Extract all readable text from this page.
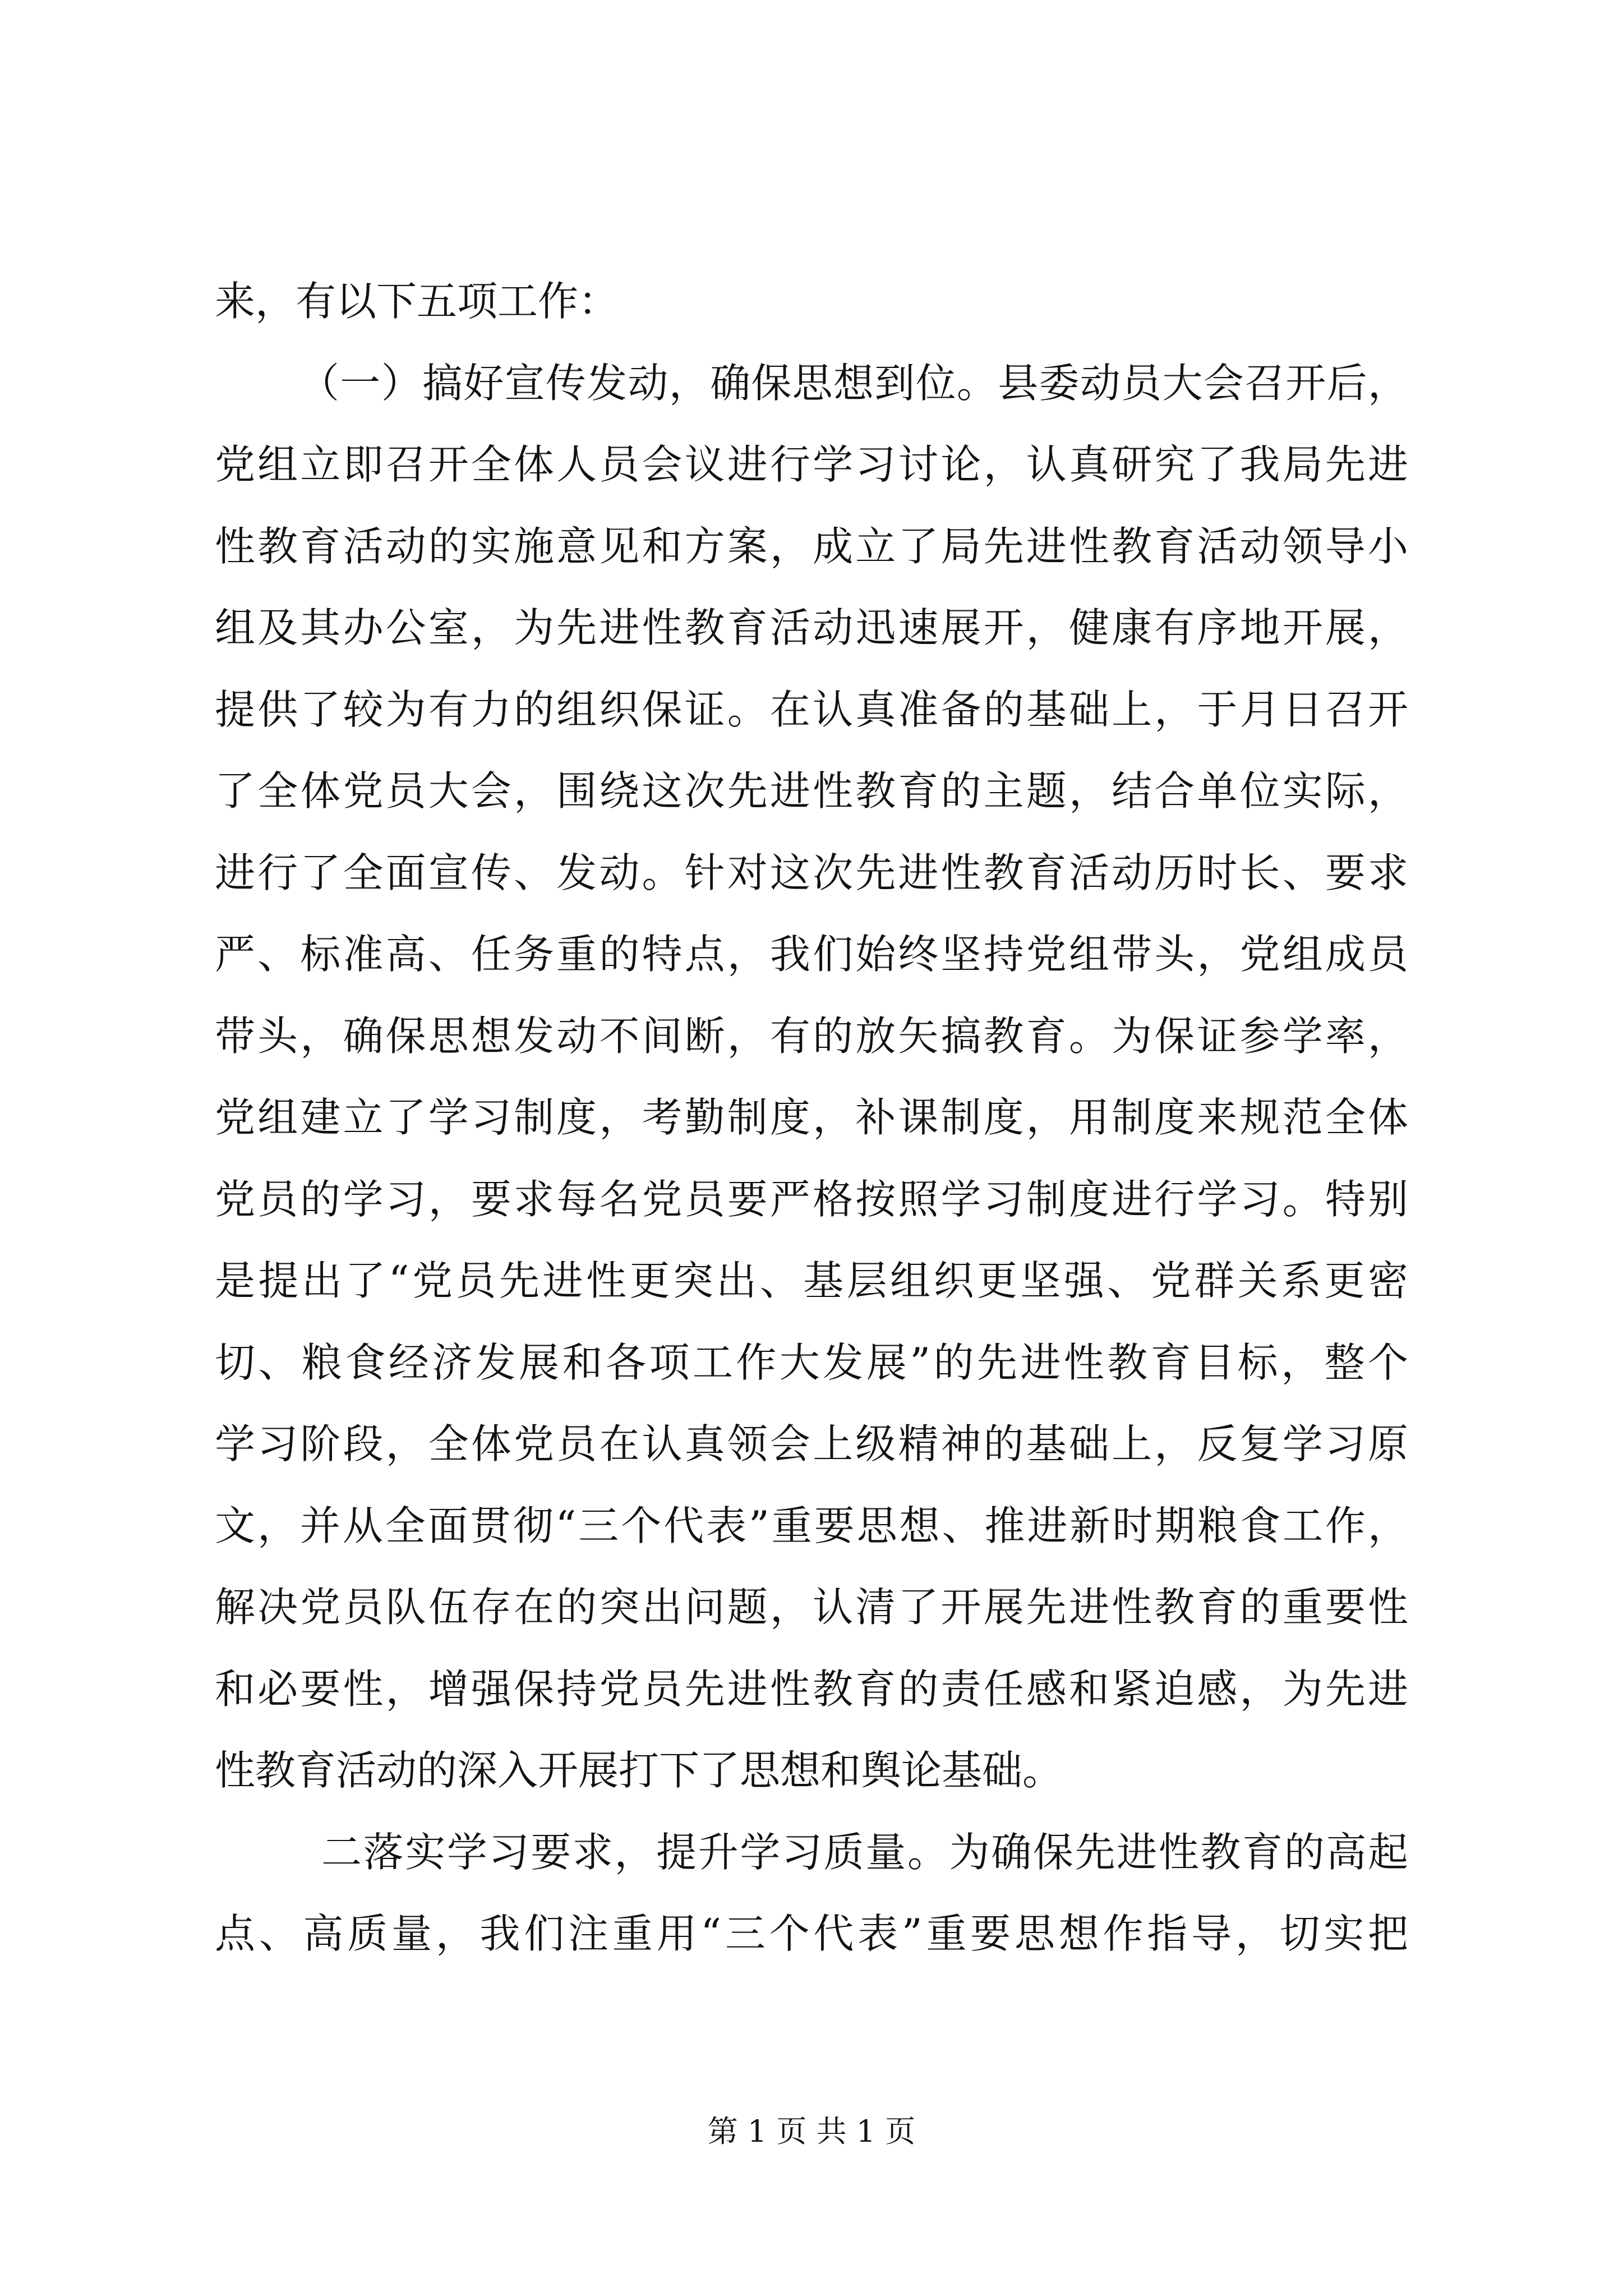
来，有以下五项工作：
（一）搞好宣传发动，确保思想到位。县委动员大会召开后，
党组立即召开全体人员会议进行学习讨论，认真研究了我局先进
性教育活动的实施意见和方案，成立了局先进性教育活动领导小
组及其办公室，为先进性教育活动迅速展开，健康有序地开展，
提供了较为有力的组织保证。在认真准备的基础上，于月日召开
了全体党员大会，围绕这次先进性教育的主题，结合单位实际，
进行了全面宣传、发动。针对这次先进性教育活动历时长、要求
严、标准高、任务重的特点，我们始终坚持党组带头，党组成员
带头，确保思想发动不间断，有的放矢搞教育。为保证参学率，
党组建立了学习制度，考勤制度，补课制度，用制度来规范全体
党员的学习，要求每名党员要严格按照学习制度进行学习。特别
是提出了“党员先进性更突出、基层组织更坚强、党群关系更密
切、粮食经济发展和各项工作大发展”的先进性教育目标，整个
学习阶段，全体党员在认真领会上级精神的基础上，反复学习原
文，并从全面贯彻“三个代表”重要思想、推进新时期粮食工作，
解决党员队伍存在的突出问题，认清了开展先进性教育的重要性
和必要性，增强保持党员先进性教育的责任感和紧迫感，为先进
性教育活动的深入开展打下了思想和舆论基础。
二落实学习要求，提升学习质量。为确保先进性教育的高起
点、高质量，我们注重用“三个代表”重要思想作指导，切实把
第 1 页 共 1 页
